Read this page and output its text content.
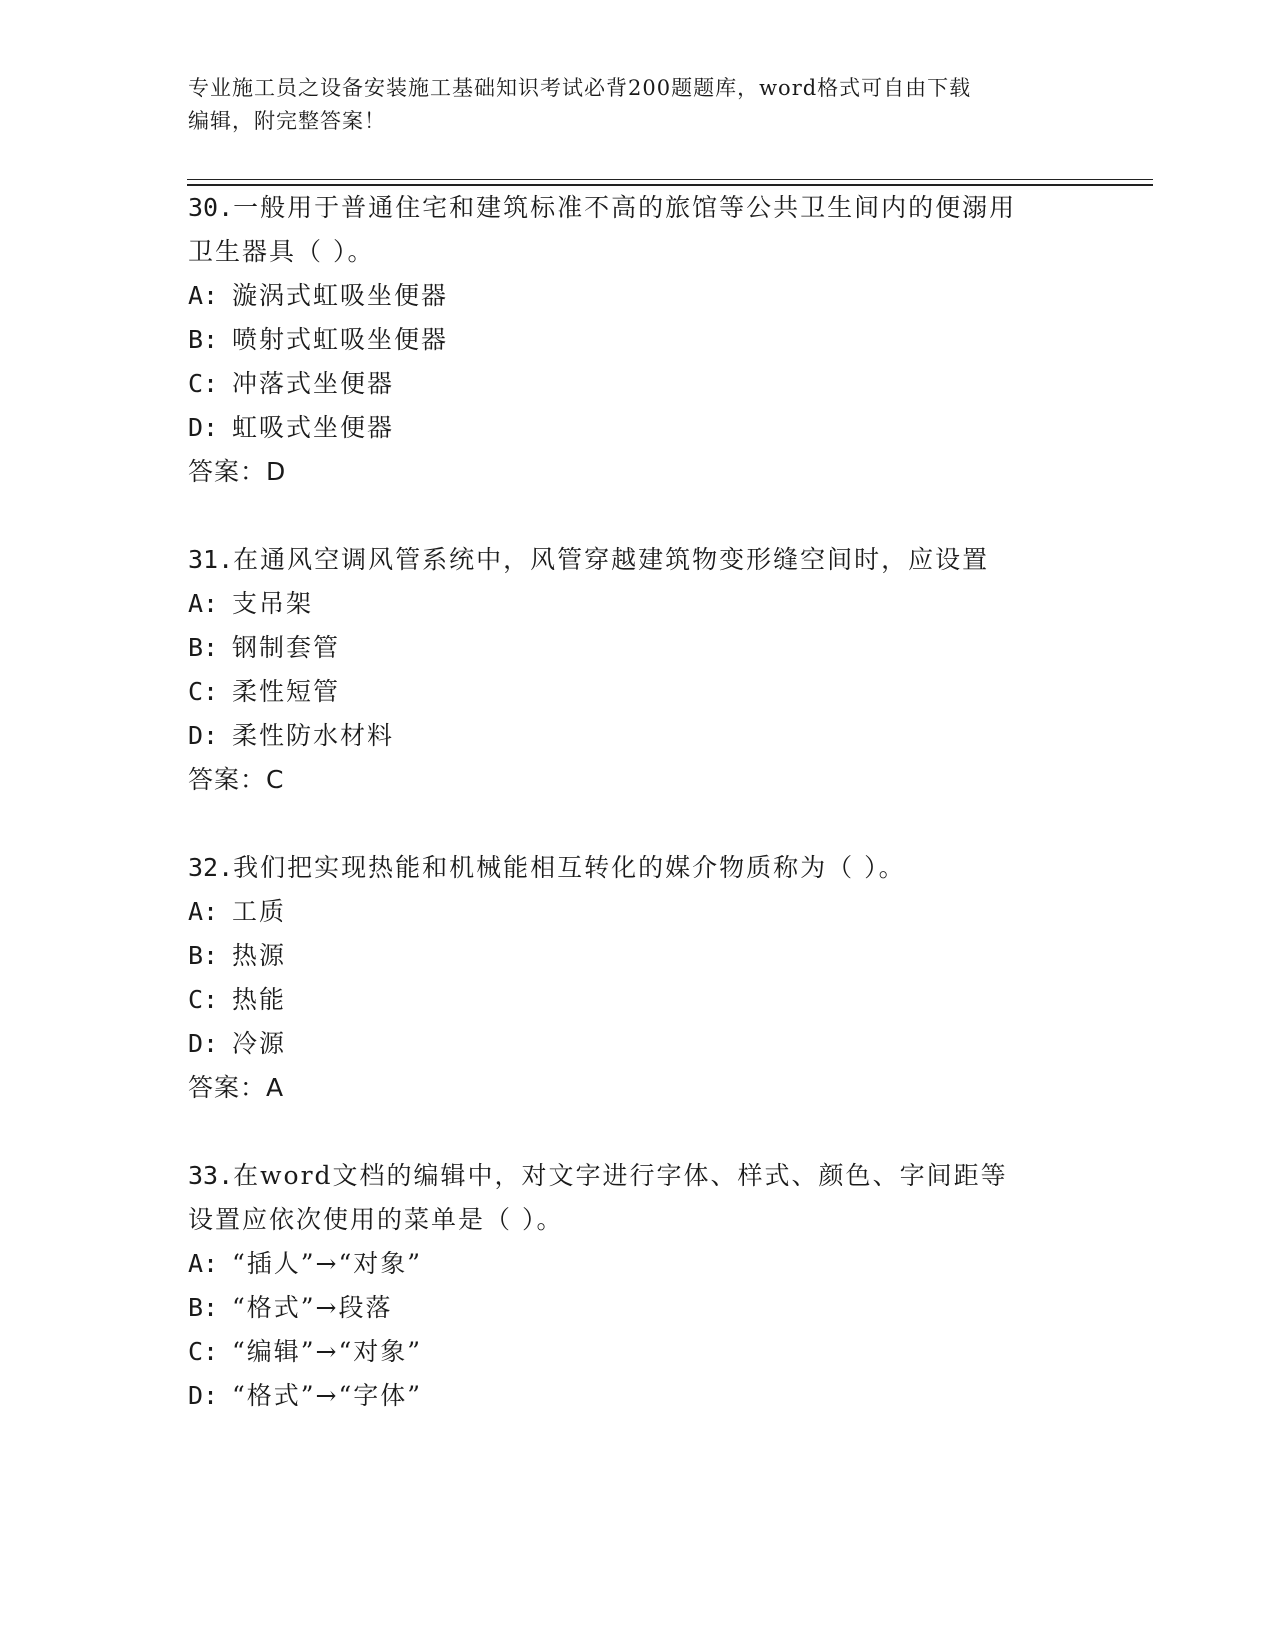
专业施工员之设备安装施工基础知识考试必背200题题库，word格式可自由下载
编辑，附完整答案！
30.一般用于普通住宅和建筑标准不高的旅馆等公共卫生间内的便溺用
卫生器具（ ）。
A: 漩涡式虹吸坐便器
B: 喷射式虹吸坐便器
C: 冲落式坐便器
D: 虹吸式坐便器
答案：D
31.在通风空调风管系统中，风管穿越建筑物变形缝空间时，应设置
A: 支吊架
B: 钢制套管
C: 柔性短管
D: 柔性防水材料
答案：C
32.我们把实现热能和机械能相互转化的媒介物质称为（ ）。
A: 工质
B: 热源
C: 热能
D: 冷源
答案：A
33.在word文档的编辑中，对文字进行字体、样式、颜色、字间距等
设置应依次使用的菜单是（ ）。
A: “插人”→“对象”
B: “格式”→段落
C: “编辑”→“对象”
D: “格式”→“字体”
